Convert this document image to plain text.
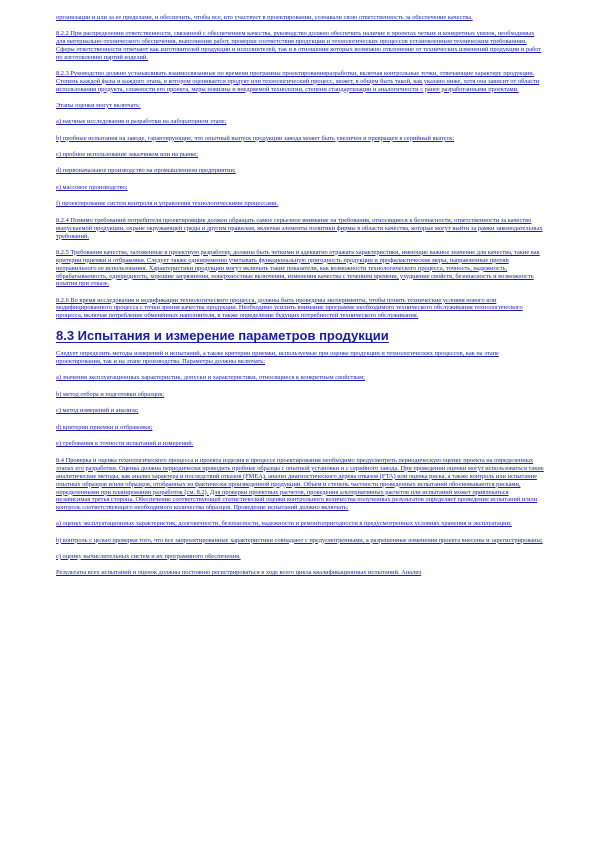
организации и или за ее пределами, и обеспечить, чтобы все, кто участвует в проектировании, сознавали свою ответственность за обеспечение качества.

8.2.2 При распределении ответственности, связанной с обеспечением качества, руководство должно обеспечить наличие в проектах четких и конкретных увязок, необходимых для материально-технического обеспечения, выполнения работ, проверки соответствия продукции и технологических процессов установленным техническим требованиям. Сферы ответственности отвечают как изготовителей продукции и исполнителей, так и в отношении которых возможно отклонение от технических изменений продукции и работ по изготовлению партий изделий.

8.2.3 Руководство должно устанавливать взаимосвязанные по времени программы проектированияразработки, включая контрольные точки, отвечающие характеру продукции. Степень каждой фазы и каждого этапа, в котором оценивается продукт или технологический процесс, может, в общем быть такой, как указано ниже, хотя она зависит от области использования продукта, сложности его проекта, меры новизны и внедряемой технологии, степени стандартизации и аналогичности с ранее разработанными проектами.

Этапы оценки могут включать:

a) научные исследования и разработки на лабораторном этапе;

b) пробные испытания на заводе, гарантирующие, что опытный выпуск продукции завода может быть увеличен и превращен в серийный выпуск;

c) пробное использование заказчиком или на рынке;

d) первоначальное производство на промышленном предприятии;

e) массовое производство;

f) проектирование систем контроля и управления технологическими процессами.

8.2.4 Помимо требований потребителя проектировщик должен обращать самое серьезное внимание на требования, относящиеся к безопасности, ответственности за качество выпускаемой продукции, охране окружающей среды и другим правилам, включая элементы политики фирмы в области качества, которые могут выйти за рамки законодательных требований.

8.2.5 Требования качества, заложенные в проектную разработку, должны быть четкими и адекватно отражать характеристики, имеющие важное значение для качества, такие как критерии приемки и отбраковки. Следует также одновременно учитывать функциональную пригодность продукции и профилактические меры, направленные против неправильного ее использования. Характеристики продукции могут включать такие показатели, как возможности технологического процесса, точность, надежность, обрабатываемость, однородность, хорошие загрязнения, поверхностные включения, изменения качества с течением времени, ухудшение свойств, безопасность и возможность изъятия при отказе.

8.2.6 Во время исследования и модификации технологического процесса, должны быть проведены эксперименты, чтобы понять технические условия нового или модифицированного процесса с точки зрения качества продукции. Необходимо усилить внимание программе необходимого технического обслуживания технологического процесса, включая потребление обменённых наполнителя, в также определение будущих потребностей технического обслуживания.

8.3 Испытания и измерение параметров продукции

Следует определить методы измерений и испытаний, а также критерии приемки, используемые при оценке продукции и технологических процессов, как на этапе проектирования, так и на этапе производства. Параметры должны включать:

a) значения эксплуатационных характеристик, допуски и характеристики, относящиеся к конкретным свойствам;

b) метод отбора и подготовки образцов;

c) метод измерений и анализа;

d) критерии приемки и отбраковки;

e) требования к точности испытаний и измерений.

8.4 Проверка и оценка технологического процесса и проекта изделия в процессе проектирования необходимо предусмотреть периодическую оценку проекта на определенных этапах его разработки. Оценка должна периодически проводить пробные образцы с опытной установки и с серийного завода. При проведении оценки могут использоваться такие аналитические методы, как анализ характера и последствий отказов (FMEA), анализ диагностического дерева отказов (FTA) или оценка риска, а также контроль или испытание опытных образцов и/или образцов, отобранных из фактически произведенной продукции. Объем и степень частности проведенных испытаний обосновываются рисками, определенными при планировании разработок (см. 8.2). Для проверки проектных расчетов, проведения альтернативных расчетов или испытаний может привлекаться независимая третья сторона. Обеспечение соответствующей статистической оценки контрольного количества полученных результатов определяет проведение испытаний и/или контроль соответствующего необходимого количества образцов. Проведение испытаний должно включать:

a) оценку эксплуатационных характеристик, долговечности, безопасности, надежности и ремонтопригодности в предусмотренных условиях хранения и эксплуатации;

b) контроль с целью проверки того, что все запроектированные характеристики совпадают с предусмотренными, а разрешенные изменения проекта внесены и зарегистрированы;

c) оценку вычислительных систем и их программного обеспечения.

Результаты всех испытаний и оценок должны постоянно регистрироваться в ходе всего цикла квалификационных испытаний. Анализ
